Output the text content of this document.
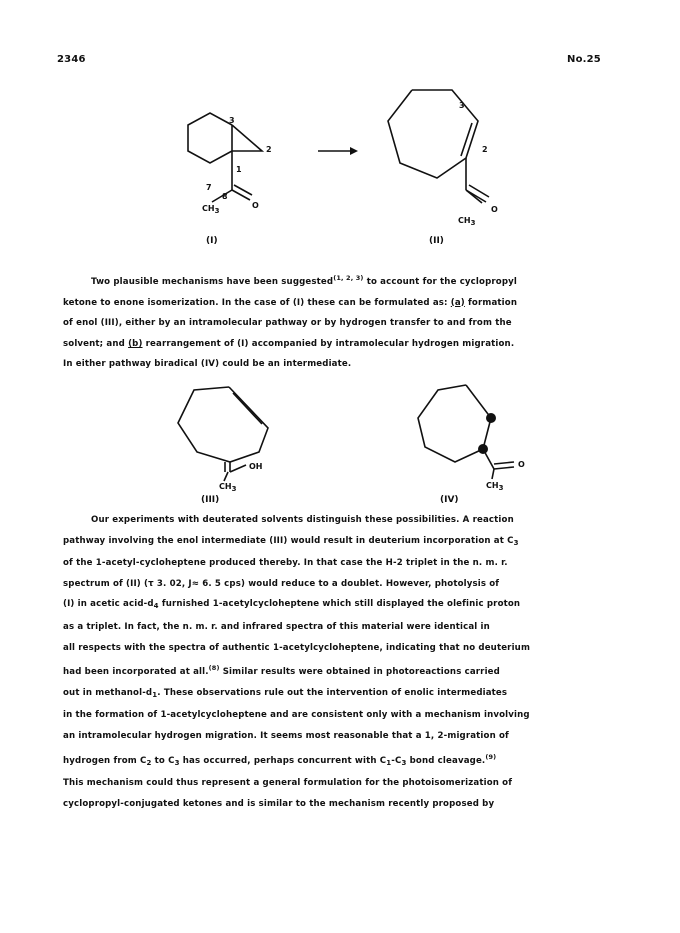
2346	No.25
3
2
1
7
8
O
CH3
(I)
3
2
O
CH3
(II)

Two plausible mechanisms have been suggested$^{(1, 2, 3)}$ to account for the cyclopropyl

ketone to enone isomerization. In the case of (I) these can be formulated as: (a) formation

of enol (III), either by an intramolecular pathway or by hydrogen transfer to and from the

solvent; and (b) rearrangement of (I) accompanied by intramolecular hydrogen migration.

In either pathway biradical (IV) could be an intermediate.

OH
CH3
(III)
O
CH3
(IV)

Our experiments with deuterated solvents distinguish these possibilities. A reaction

pathway involving the enol intermediate (III) would result in deuterium incorporation at $C_3$

of the 1-acetyl-cycloheptene produced thereby. In that case the H-2 triplet in the n. m. r.

spectrum of (II) (τ 3. 02, J≈ 6. 5 cps) would reduce to a doublet. However, photolysis of

(I) in acetic acid-$d_4$ furnished 1-acetylcycloheptene which still displayed the olefinic proton

as a triplet. In fact, the n. m. r. and infrared spectra of this material were identical in

all respects with the spectra of authentic 1-acetylcycloheptene, indicating that no deuterium

had been incorporated at all.$^{(8)}$ Similar results were obtained in photoreactions carried

out in methanol-$d_1$. These observations rule out the intervention of enolic intermediates

in the formation of 1-acetylcycloheptene and are consistent only with a mechanism involving

an intramolecular hydrogen migration. It seems most reasonable that a 1, 2-migration of

hydrogen from $C_2$ to $C_3$ has occurred, perhaps concurrent with $C_1-C_3$ bond cleavage.$^{(9)}$

This mechanism could thus represent a general formulation for the photoisomerization of

cyclopropyl-conjugated ketones and is similar to the mechanism recently proposed by
